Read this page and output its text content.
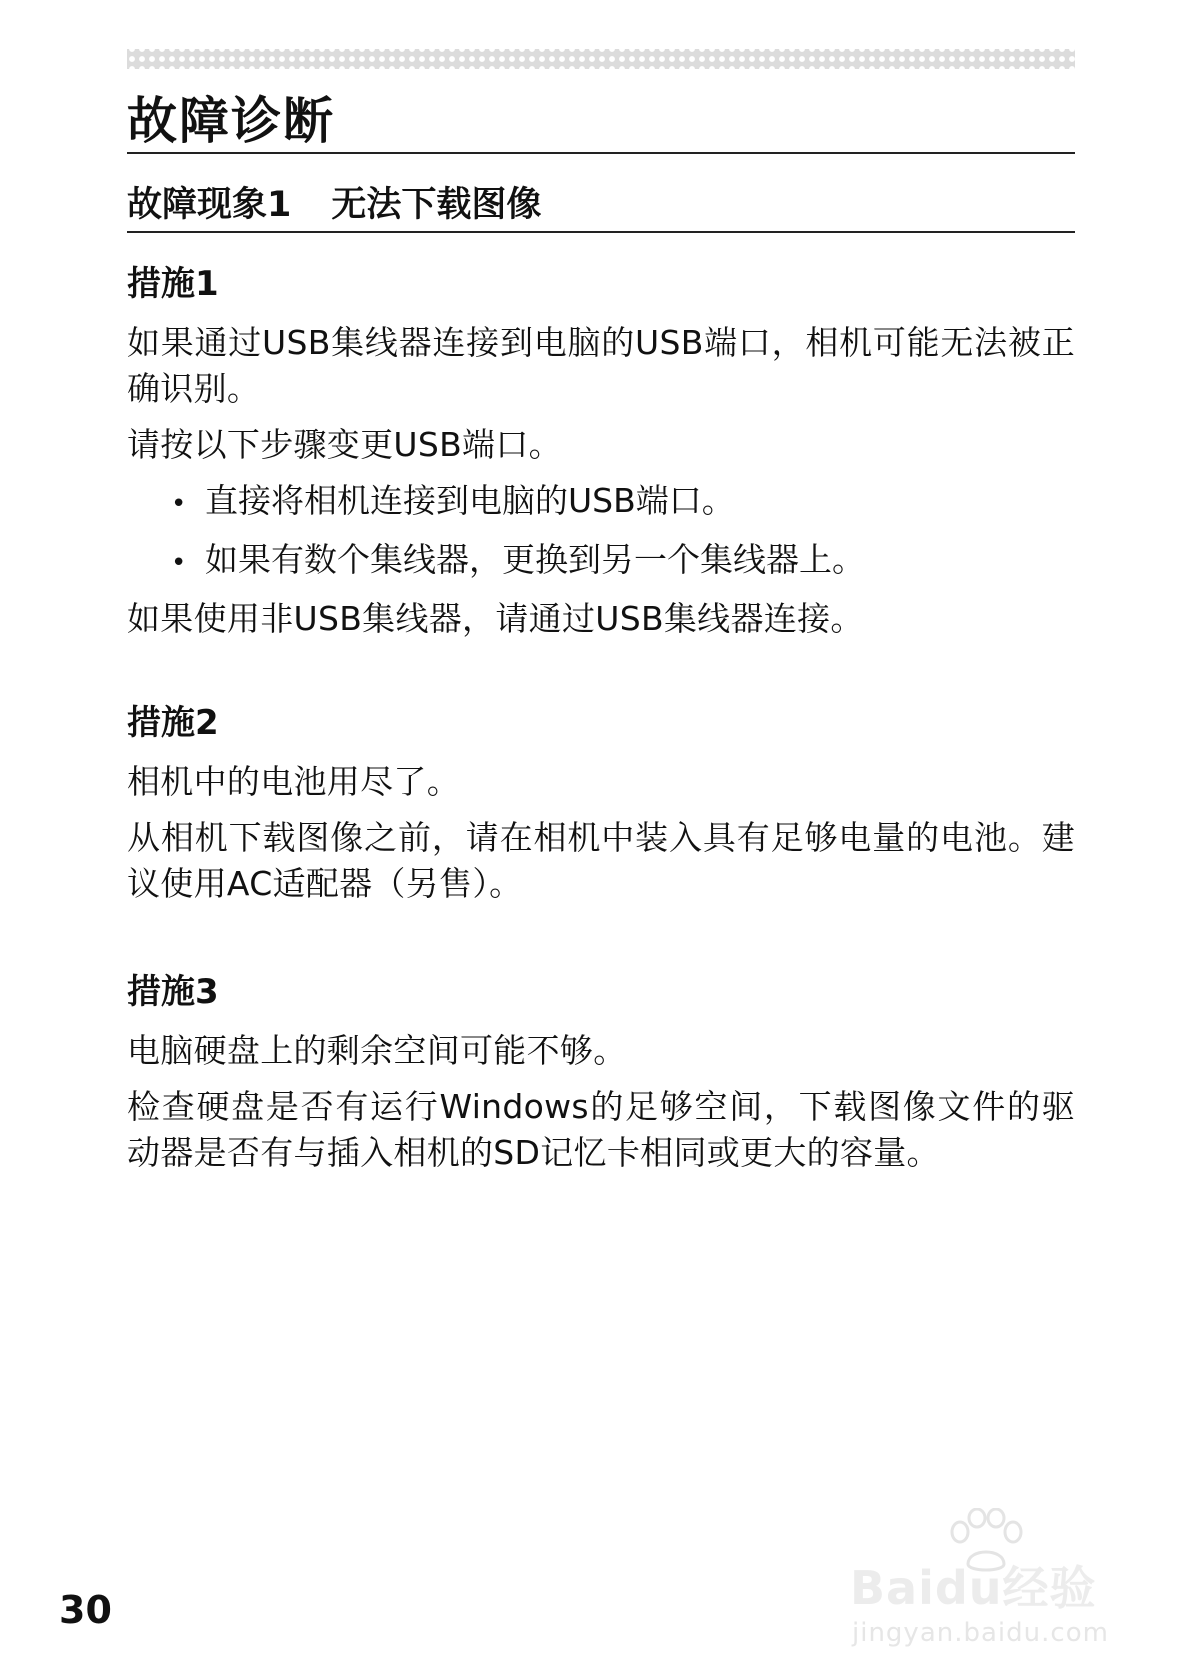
故障诊断
故障现象1 无法下载图像
措施1

如果通过USB集线器连接到电脑的USB端口，相机可能无法被正确识别。

请按以下步骤变更USB端口。

• 直接将相机连接到电脑的USB端口。
• 如果有数个集线器，更换到另一个集线器上。

如果使用非USB集线器，请通过USB集线器连接。

措施2

相机中的电池用尽了。

从相机下载图像之前，请在相机中装入具有足够电量的电池。建议使用AC适配器（另售）。

措施3

电脑硬盘上的剩余空间可能不够。

检查硬盘是否有运行Windows的足够空间，下载图像文件的驱动器是否有与插入相机的SD记忆卡相同或更大的容量。

30	Baidu经验
jingyan.baidu.com
